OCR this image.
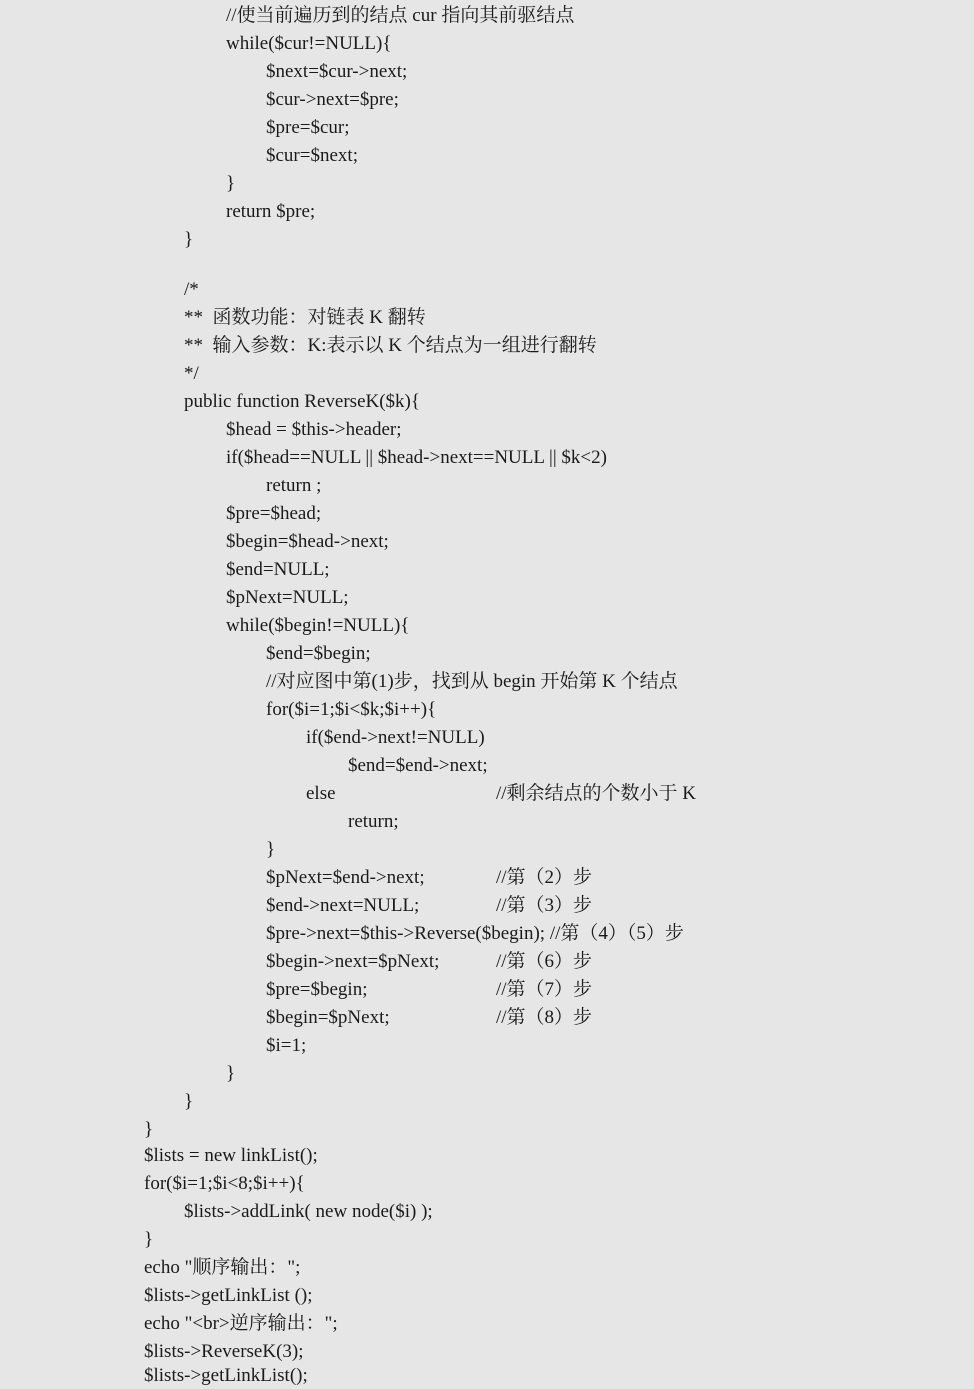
//使当前遍历到的结点 cur 指向其前驱结点
while($cur!=NULL){
$next=$cur->next;
$cur->next=$pre;
$pre=$cur;
$cur=$next;
}
return $pre;
}
/*
**  函数功能：对链表 K 翻转
**  输入参数：K:表示以 K 个结点为一组进行翻转
*/
public function ReverseK($k){
$head = $this->header;
if($head==NULL || $head->next==NULL || $k<2)
return ;
$pre=$head;
$begin=$head->next;
$end=NULL;
$pNext=NULL;
while($begin!=NULL){
$end=$begin;
//对应图中第(1)步，找到从 begin 开始第 K 个结点
for($i=1;$i<$k;$i++){
if($end->next!=NULL)
$end=$end->next;
else	//剩余结点的个数小于 K
return;
}
$pNext=$end->next;	//第（2）步
$end->next=NULL;	//第（3）步
$pre->next=$this->Reverse($begin); //第（4）（5）步
$begin->next=$pNext;	//第（6）步
$pre=$begin;	//第（7）步
$begin=$pNext;	//第（8）步
$i=1;
}
}
}
$lists = new linkList();
for($i=1;$i<8;$i++){
$lists->addLink( new node($i) );
}
echo "顺序输出：";
$lists->getLinkList ();
echo "<br>逆序输出：";
$lists->ReverseK(3);
$lists->getLinkList();
